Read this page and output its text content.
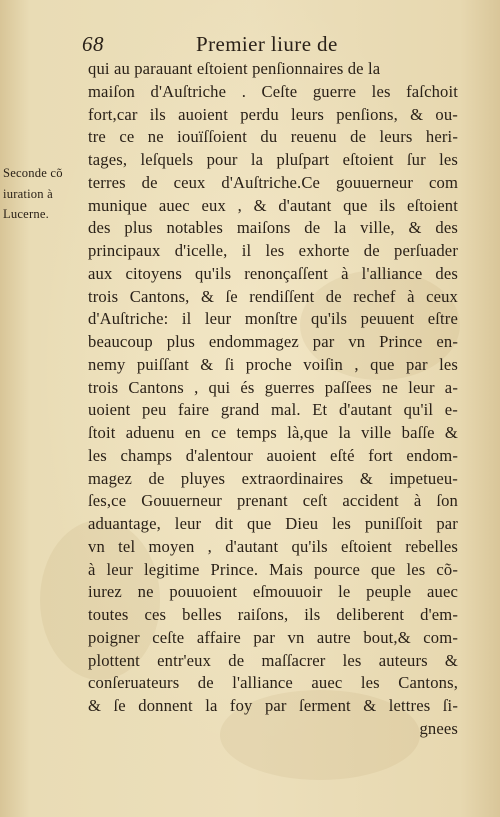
68	Premier liure de
Seconde cõ
iuration à
Lucerne.
qui au parauant eſtoient penſionnaires de la
maiſon d'Auſtriche . Ceſte guerre les faſchoit
fort,car ils auoient perdu leurs penſions, & ou-
tre ce ne iouïſſoient du reuenu de leurs heri-
tages, leſquels pour la pluſpart eſtoient ſur les
terres de ceux d'Auſtriche.Ce gouuerneur com
munique auec eux , & d'autant que ils eſtoient
des plus notables maiſons de la ville, & des
principaux d'icelle, il les exhorte de perſuader
aux citoyens qu'ils renonçaſſent à l'alliance des
trois Cantons, & ſe rendiſſent de rechef à ceux
d'Auſtriche: il leur monſtre qu'ils peuuent eſtre
beaucoup plus endommagez par vn Prince en-
nemy puiſſant & ſi proche voiſin , que par les
trois Cantons , qui és guerres paſſees ne leur a-
uoient peu faire grand mal. Et d'autant qu'il e-
ſtoit aduenu en ce temps là,que la ville baſſe &
les champs d'alentour auoient eſté fort endom-
magez de pluyes extraordinaires & impetueu-
ſes,ce Gouuerneur prenant ceſt accident à ſon
aduantage, leur dit que Dieu les puniſſoit par
vn tel moyen , d'autant qu'ils eſtoient rebelles
à leur legitime Prince. Mais pource que les cõ-
iurez ne pouuoient eſmouuoir le peuple auec
toutes ces belles raiſons, ils deliberent d'em-
poigner ceſte affaire par vn autre bout,& com-
plottent entr'eux de maſſacrer les auteurs &
conſeruateurs de l'alliance auec les Cantons,
& ſe donnent la foy par ſerment & lettres ſi-
gnees
